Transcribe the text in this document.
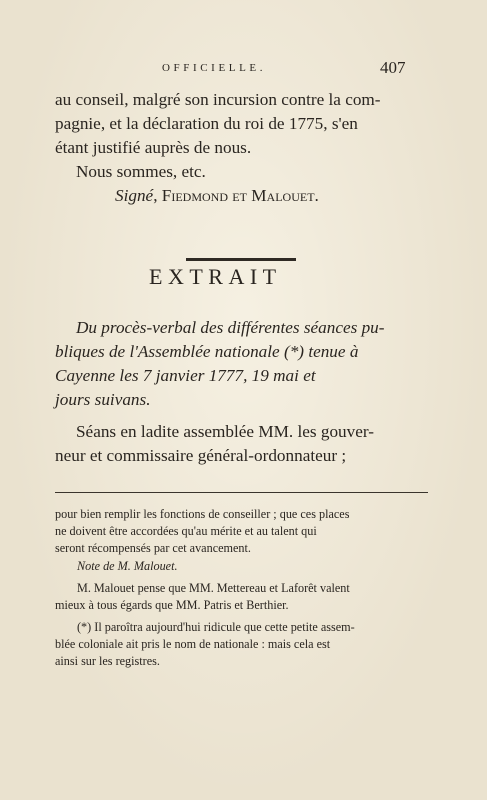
OFFICIELLE.	407
au conseil, malgré son incursion contre la com-
pagnie, et la déclaration du roi de 1775, s'en
étant justifié auprès de nous.
Nous sommes, etc.
Signé, Fiedmond et Malouet.
EXTRAIT
Du procès-verbal des différentes séances pu-
bliques de l'Assemblée nationale (*) tenue à
Cayenne les 7 janvier 1777, 19 mai et
jours suivans.
Séans en ladite assemblée MM. les gouver-
neur et commissaire général-ordonnateur ;
pour bien remplir les fonctions de conseiller ; que ces places
ne doivent être accordées qu'au mérite et au talent qui
seront récompensés par cet avancement.
Note de M. Malouet.
M. Malouet pense que MM. Mettereau et Laforêt valent
mieux à tous égards que MM. Patris et Berthier.
(*) Il paroîtra aujourd'hui ridicule que cette petite assem-
blée coloniale ait pris le nom de nationale : mais cela est
ainsi sur les registres.
